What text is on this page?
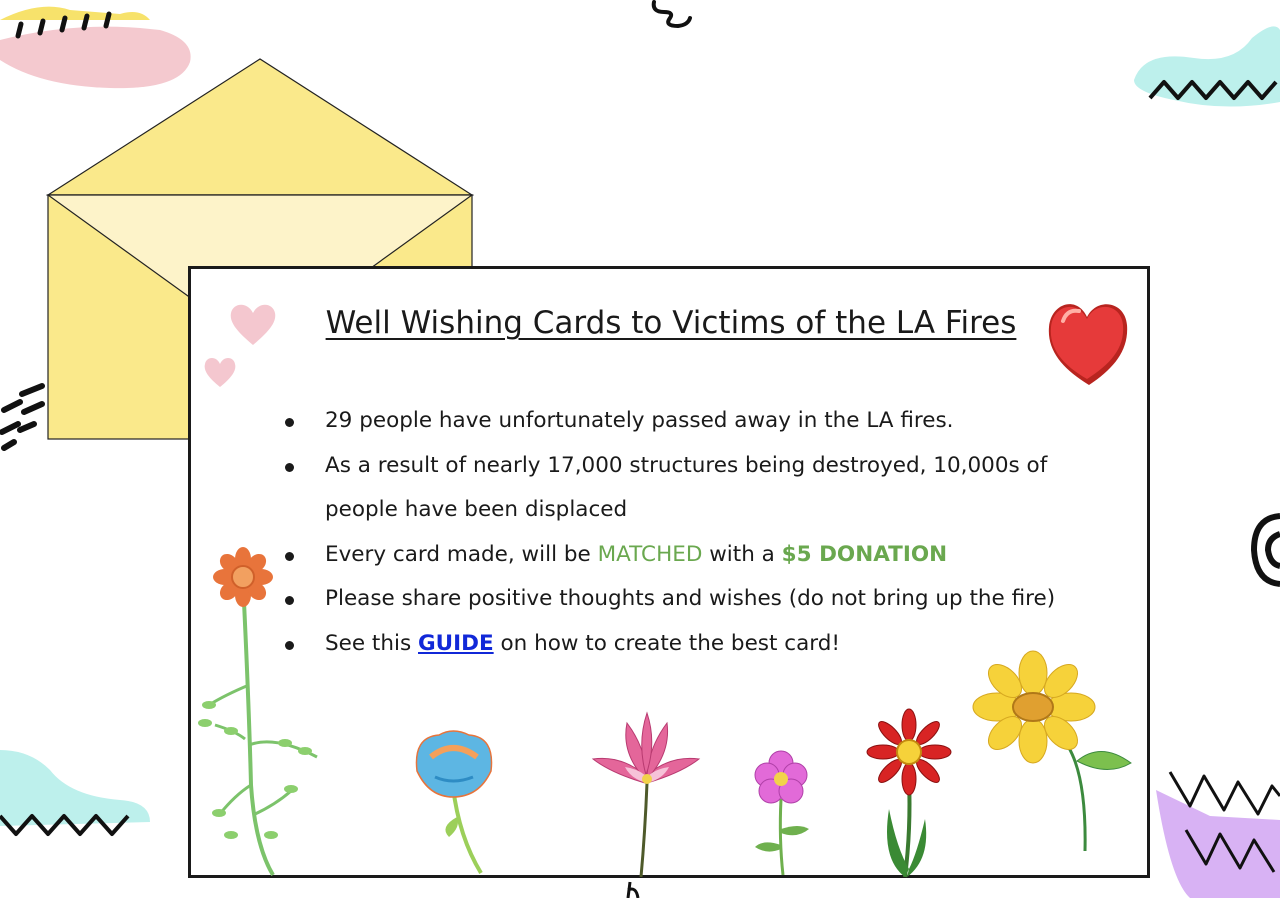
Well Wishing Cards to Victims of the LA Fires
29 people have unfortunately passed away in the LA fires.
As a result of nearly 17,000 structures being destroyed, 10,000s of people have been displaced
Every card made, will be MATCHED with a $5 DONATION
Please share positive thoughts and wishes (do not bring up the fire)
See this GUIDE on how to create the best card!
